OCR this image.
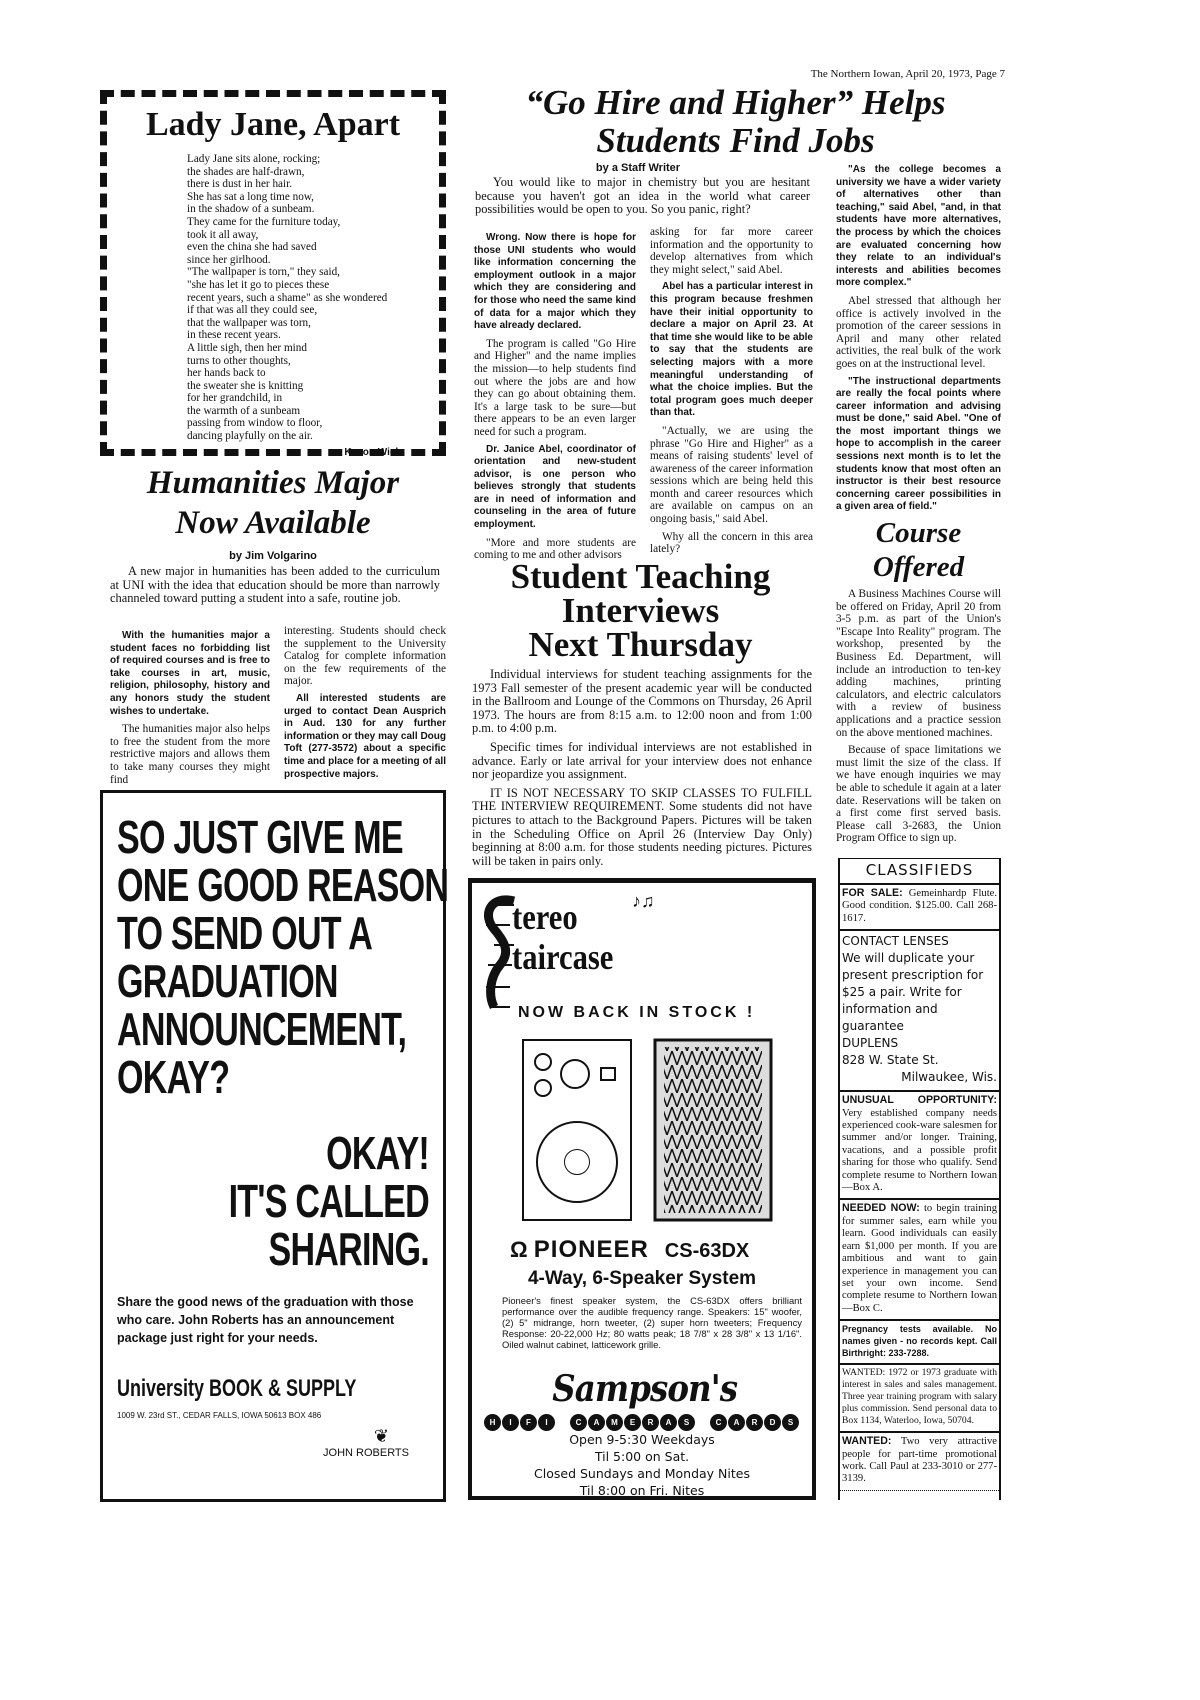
The Northern Iowan, April 20, 1973, Page 7
Lady Jane, Apart
Lady Jane sits alone, rocking;
the shades are half-drawn,
there is dust in her hair.
She has sat a long time now,
in the shadow of a sunbeam.
They came for the furniture today,
took it all away,
even the china she had saved
since her girlhood.
"The wallpaper is torn," they said,
"she has let it go to pieces these
recent years, such a shame" as she wondered
if that was all they could see,
that the wallpaper was torn,
in these recent years.
A little sigh, then her mind
turns to other thoughts,
her hands back to
the sweater she is knitting
for her grandchild, in
the warmth of a sunbeam
passing from window to floor,
dancing playfully on the air.
Kevon Wick
Humanities Major
Now Available
by Jim Volgarino

A new major in humanities has been added to the curriculum at UNI with the idea that education should be more than narrowly channeled toward putting a student into a safe, routine job.

With the humanities major a student faces no forbidding list of required courses and is free to take courses in art, music, religion, philosophy, history and any honors study the student wishes to undertake.

The humanities major also helps to free the student from the more restrictive majors and allows them to take many courses they might find

interesting. Students should check the supplement to the University Catalog for complete information on the few requirements of the major.

All interested students are urged to contact Dean Ausprich in Aud. 130 for any further information or they may call Doug Toft (277-3572) about a specific time and place for a meeting of all prospective majors.

SO JUST GIVE ME
ONE GOOD REASON
TO SEND OUT A
GRADUATION
ANNOUNCEMENT,
OKAY?
OKAY!
IT'S CALLED
SHARING.

Share the good news of the graduation with those who care. John Roberts has an announcement package just right for your needs.

University BOOK & SUPPLY
1009 W. 23rd ST., CEDAR FALLS, IOWA 50613 BOX 486
❦
JOHN ROBERTS
“Go Hire and Higher” Helps
Students Find Jobs
by a Staff Writer

You would like to major in chemistry but you are hesitant because you haven't got an idea in the world what career possibilities would be open to you. So you panic, right?

Wrong. Now there is hope for those UNI students who would like information concerning the employment outlook in a major which they are considering and for those who need the same kind of data for a major which they have already declared.

The program is called "Go Hire and Higher" and the name implies the mission—to help students find out where the jobs are and how they can go about obtaining them. It's a large task to be sure—but there appears to be an even larger need for such a program.

Dr. Janice Abel, coordinator of orientation and new-student advisor, is one person who believes strongly that students are in need of information and counseling in the area of future employment.

"More and more students are coming to me and other advisors

asking for far more career information and the opportunity to develop alternatives from which they might select," said Abel.

Abel has a particular interest in this program because freshmen have their initial opportunity to declare a major on April 23. At that time she would like to be able to say that the students are selecting majors with a more meaningful understanding of what the choice implies. But the total program goes much deeper than that.

"Actually, we are using the phrase "Go Hire and Higher" as a means of raising students' level of awareness of the career information sessions which are being held this month and career resources which are available on campus on an ongoing basis," said Abel.

Why all the concern in this area lately?

"As the college becomes a university we have a wider variety of alternatives other than teaching," said Abel, "and, in that students have more alternatives, the process by which the choices are evaluated concerning how they relate to an individual's interests and abilities becomes more complex."

Abel stressed that although her office is actively involved in the promotion of the career sessions in April and many other related activities, the real bulk of the work goes on at the instructional level.

"The instructional departments are really the focal points where career information and advising must be done," said Abel. "One of the most important things we hope to accomplish in the career sessions next month is to let the students know that most often an instructor is their best resource concerning career possibilities in a given area of field."

Course
Offered

A Business Machines Course will be offered on Friday, April 20 from 3-5 p.m. as part of the Union's "Escape Into Reality" program. The workshop, presented by the Business Ed. Department, will include an introduction to ten-key adding machines, printing calculators, and electric calculators with a review of business applications and a practice session on the above mentioned machines.

Because of space limitations we must limit the size of the class. If we have enough inquiries we may be able to schedule it again at a later date. Reservations will be taken on a first come first served basis. Please call 3-2683, the Union Program Office to sign up.

Student Teaching
Interviews
Next Thursday

Individual interviews for student teaching assignments for the 1973 Fall semester of the present academic year will be conducted in the Ballroom and Lounge of the Commons on Thursday, 26 April 1973. The hours are from 8:15 a.m. to 12:00 noon and from 1:00 p.m. to 4:00 p.m.

Specific times for individual interviews are not established in advance. Early or late arrival for your interview does not enhance nor jeopardize you assignment.

IT IS NOT NECESSARY TO SKIP CLASSES TO FULFILL THE INTERVIEW REQUIREMENT. Some students did not have pictures to attach to the Background Papers. Pictures will be taken in the Scheduling Office on April 26 (Interview Day Only) beginning at 8:00 a.m. for those students needing pictures. Pictures will be taken in pairs only.

tereo
taircase
♪♫
NOW BACK IN STOCK !
Ω PIONEER CS-63DX
4-Way, 6-Speaker System

Pioneer's finest speaker system, the CS-63DX offers brilliant performance over the audible frequency range. Speakers: 15" woofer, (2) 5" midrange, horn tweeter, (2) super horn tweeters; Frequency Response: 20-22,000 Hz; 80 watts peak; 18 7/8" x 28 3/8" x 13 1/16". Oiled walnut cabinet, latticework grille.

Sampson's
H I F I	C A M E R A S	C A R D S
Open 9-5:30 Weekdays
Til 5:00 on Sat.
Closed Sundays and Monday Nites
Til 8:00 on Fri. Nites
CLASSIFIEDS

FOR SALE: Gemeinhardp Flute. Good condition. $125.00. Call 268-1617.

CONTACT LENSES
We will duplicate your present prescription for $25 a pair. Write for information and guarantee
DUPLENS
828 W. State St.
Milwaukee, Wis.

UNUSUAL OPPORTUNITY: Very established company needs experienced cook-ware salesmen for summer and/or longer. Training, vacations, and a possible profit sharing for those who qualify. Send complete resume to Northern Iowan—Box A.

NEEDED NOW: to begin training for summer sales, earn while you learn. Good individuals can easily earn $1,000 per month. If you are ambitious and want to gain experience in management you can set your own income. Send complete resume to Northern Iowan—Box C.

Pregnancy tests available. No names given - no records kept. Call Birthright: 233-7288.

WANTED: 1972 or 1973 graduate with interest in sales and sales management. Three year training program with salary plus commission. Send personal data to Box 1134, Waterloo, Iowa, 50704.

WANTED: Two very attractive people for part-time promotional work. Call Paul at 233-3010 or 277-3139.
